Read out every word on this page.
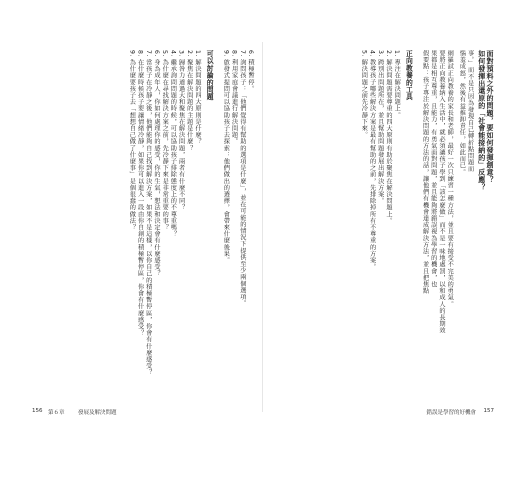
6. 積極暫停。
7. 詢問孩子：「他們覺得有幫助的選項是什麼」，並在可能的情況下提供至少兩個選項。
8. 利用家庭會議進行解決問題。
9. 啟發式提問可以協助孩子去探索：他們做出的選擇，會帶來什麼後果。
可以討論的問題
1. 解決問題的四大原則是什麼？
2. 聚焦在解決問題的主題是什麼？
3. 歸咎力道過大和聚焦在解決問題，兩者有什麼不同？
4. 繼承詢問問題的時候，可以協助孩子排除態度上的不尊重嗎？
5. 為什麼在尋找解決方案之前，先冷靜下來是非常重要的事？
6. 身為成年人，你如何處理你的感受，你的生氣，想法和決定會有什麼感受？
7. 當孩子在冷靜之後，他們能夠自己找到解決方案，如果不是這樣，以你自己的積極暫停區，你會有什麼感受？
8. 在什麼時候孩子要讓情緒冷靜，如果你可以進入一段由你自創的積極暫停區，你會有什麼感受？
9. 為什麼要孩子去「想想自己做了什麼事」是個很蠢的做法？	面對預料之外的問題，要如何發揮創意？
如何發揮出還原的「社會能接納的」反應？
事。」而不是只因為發現自己轉折點問題而
惱羞成怒，然後有益推卸責任，如此而已。
網羅試正向教養的家長和老師，最好一次只練習一種方法，並且要有接受不完美的勇氣。
要將正向教養納入生活中，就必須讓孩子學到「該怎麼做」而不是一味地處罰，以和成人的長期效
果都是相互尊重，且能力，有勇氣面對問題，並且能夠將錯誤視為學習的機會，也
假要點：孩子專注於解決問題的方法的話，讓他們有機會達成解決方法，並且把焦點
正向教養的工具
1. 專注在解決問題上。
2. 解決問題需要尊重的四大原則有助於聚焦在解決問題上。
3. 跨別出問題所在，並且幫助問題發展出解決方案。
4. 教導孩子哪些解決方案是最有幫助的之前，先排除掉所有不尊重的方案。
5. 解決問題之前先冷靜下來。
156 第６章 發展及解決問題	錯誤是學習的好機會 157
